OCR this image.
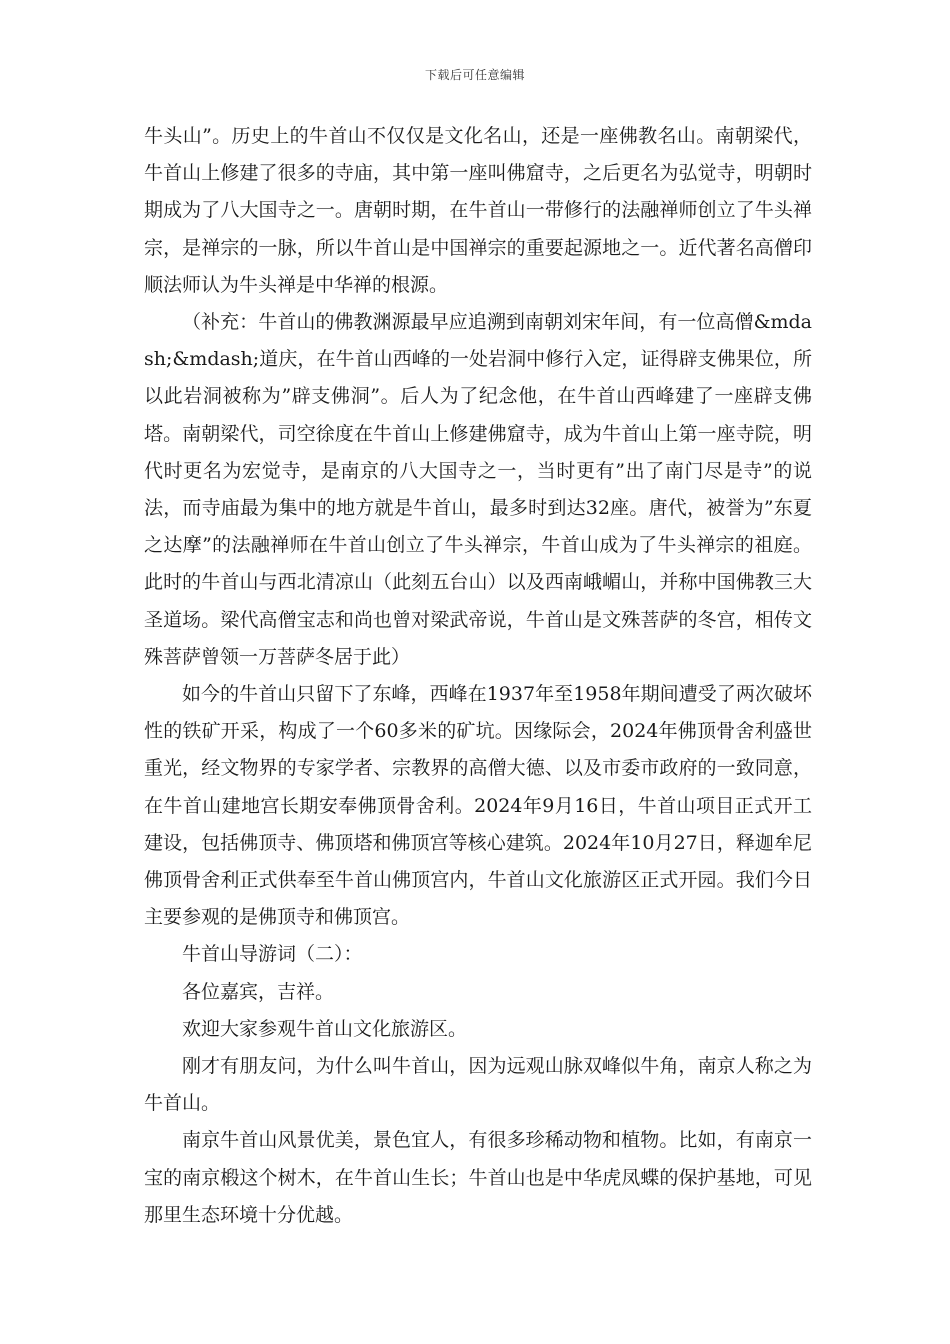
下载后可任意编辑

牛头山”。历史上的牛首山不仅仅是文化名山，还是一座佛教名山。南朝梁代，牛首山上修建了很多的寺庙，其中第一座叫佛窟寺，之后更名为弘觉寺，明朝时期成为了八大国寺之一。唐朝时期，在牛首山一带修行的法融禅师创立了牛头禅宗，是禅宗的一脉，所以牛首山是中国禅宗的重要起源地之一。近代著名高僧印顺法师认为牛头禅是中华禅的根源。

（补充：牛首山的佛教渊源最早应追溯到南朝刘宋年间，有一位高僧&mdash;&mdash;道庆，在牛首山西峰的一处岩洞中修行入定，证得辟支佛果位，所以此岩洞被称为”辟支佛洞”。后人为了纪念他，在牛首山西峰建了一座辟支佛塔。南朝梁代，司空徐度在牛首山上修建佛窟寺，成为牛首山上第一座寺院，明代时更名为宏觉寺，是南京的八大国寺之一，当时更有”出了南门尽是寺”的说法，而寺庙最为集中的地方就是牛首山，最多时到达32座。唐代，被誉为”东夏之达摩”的法融禅师在牛首山创立了牛头禅宗，牛首山成为了牛头禅宗的祖庭。此时的牛首山与西北清凉山（此刻五台山）以及西南峨嵋山，并称中国佛教三大圣道场。梁代高僧宝志和尚也曾对梁武帝说，牛首山是文殊菩萨的冬宫，相传文殊菩萨曾领一万菩萨冬居于此）

如今的牛首山只留下了东峰，西峰在1937年至1958年期间遭受了两次破坏性的铁矿开采，构成了一个60多米的矿坑。因缘际会，2024年佛顶骨舍利盛世重光，经文物界的专家学者、宗教界的高僧大德、以及市委市政府的一致同意，在牛首山建地宫长期安奉佛顶骨舍利。2024年9月16日，牛首山项目正式开工建设，包括佛顶寺、佛顶塔和佛顶宫等核心建筑。2024年10月27日，释迦牟尼佛顶骨舍利正式供奉至牛首山佛顶宫内，牛首山文化旅游区正式开园。我们今日主要参观的是佛顶寺和佛顶宫。

牛首山导游词（二）：

各位嘉宾，吉祥。

欢迎大家参观牛首山文化旅游区。

刚才有朋友问，为什么叫牛首山，因为远观山脉双峰似牛角，南京人称之为牛首山。

南京牛首山风景优美，景色宜人，有很多珍稀动物和植物。比如，有南京一宝的南京椴这个树木，在牛首山生长；牛首山也是中华虎凤蝶的保护基地，可见那里生态环境十分优越。
